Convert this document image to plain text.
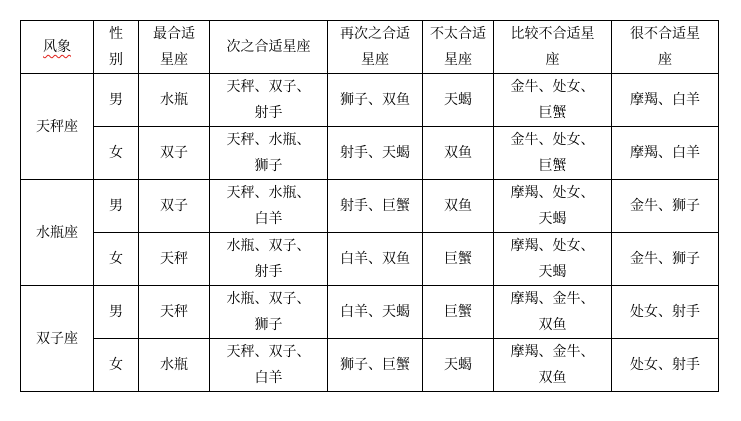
风象	性别	最合适星座	次之合适星座	再次之合适星座	不太合适星座	比较不合适星座	很不合适星座

天秤座	男	水瓶	天秤、双子、射手	狮子、双鱼	天蝎	金牛、处女、巨蟹	摩羯、白羊
	女	双子	天秤、水瓶、狮子	射手、天蝎	双鱼	金牛、处女、巨蟹	摩羯、白羊
水瓶座	男	双子	天秤、水瓶、白羊	射手、巨蟹	双鱼	摩羯、处女、天蝎	金牛、狮子
	女	天秤	水瓶、双子、射手	白羊、双鱼	巨蟹	摩羯、处女、天蝎	金牛、狮子
双子座	男	天秤	水瓶、双子、狮子	白羊、天蝎	巨蟹	摩羯、金牛、双鱼	处女、射手
	女	水瓶	天秤、双子、白羊	狮子、巨蟹	天蝎	摩羯、金牛、双鱼	处女、射手
